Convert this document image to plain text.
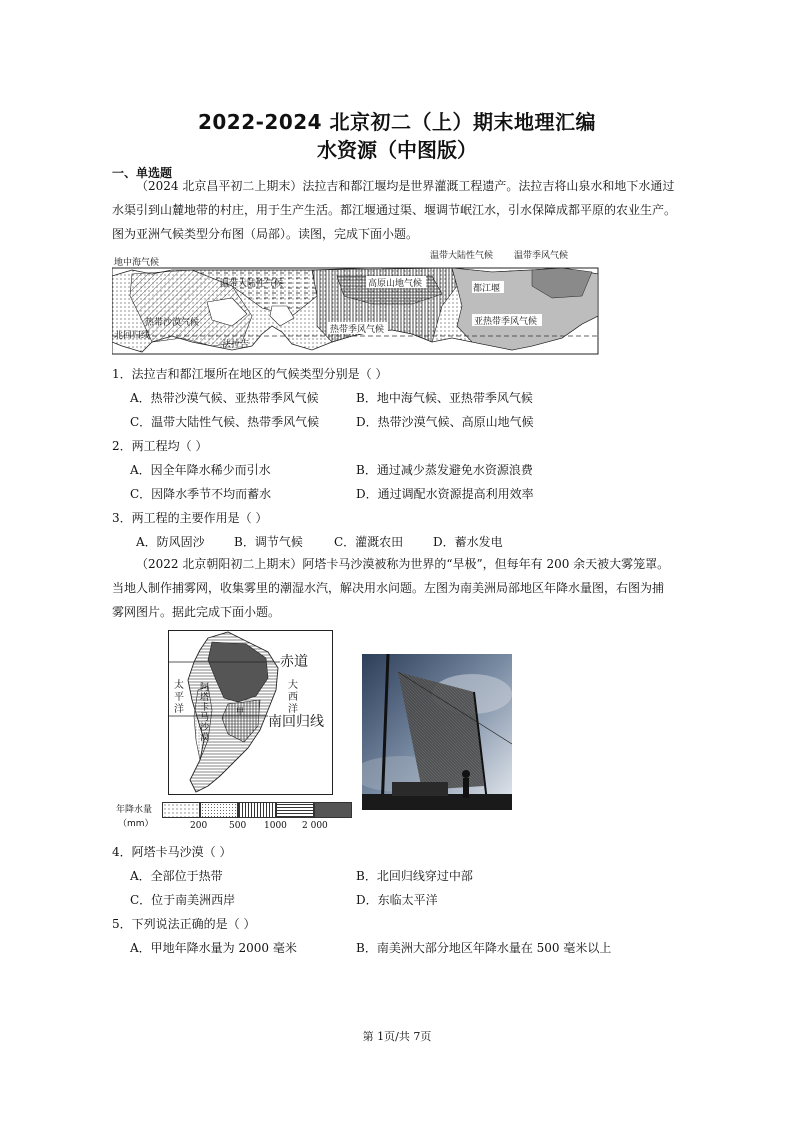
2022-2024 北京初二（上）期末地理汇编
水资源（中图版）
一、单选题
（2024 北京昌平初二上期末）法拉吉和都江堰均是世界灌溉工程遗产。法拉吉将山泉水和地下水通过
水渠引到山麓地带的村庄，用于生产生活。都江堰通过渠、堰调节岷江水，引水保障成都平原的农业生产。
图为亚洲气候类型分布图（局部）。读图，完成下面小题。
温带大陆性气候 温带季风气候
地中海气候
温带大陆性气候	高原山地气候	都江堰
热带沙漠气候
热带季风气候
亚热带季风气候
北回归线
法拉吉
1．法拉吉和都江堰所在地区的气候类型分别是（ ）
A．热带沙漠气候、亚热带季风气候	B．地中海气候、亚热带季风气候
C．温带大陆性气候、热带季风气候	D．热带沙漠气候、高原山地气候
2．两工程均（ ）
A．因全年降水稀少而引水	B．通过减少蒸发避免水资源浪费
C．因降水季节不均而蓄水	D．通过调配水资源提高利用效率
3．两工程的主要作用是（ ）
A．防风固沙 B．调节气候	C．灌溉农田 D．蓄水发电
（2022 北京朝阳初二上期末）阿塔卡马沙漠被称为世界的“旱极”，但每年有 200 余天被大雾笼罩。
当地人制作捕雾网，收集雾里的潮湿水汽，解决用水问题。左图为南美洲局部地区年降水量图，右图为捕
雾网图片。据此完成下面小题。
赤道
南回归线
太
平
洋
大
西
洋
阿
塔
卡
马
沙
漠
甲
年降水量
（mm）	200 500 1000 2 000
4．阿塔卡马沙漠（ ）
A．全部位于热带	B．北回归线穿过中部
C．位于南美洲西岸	D．东临太平洋
5．下列说法正确的是（ ）
A．甲地年降水量为 2000 毫米	B．南美洲大部分地区年降水量在 500 毫米以上
第 1页/共 7页
